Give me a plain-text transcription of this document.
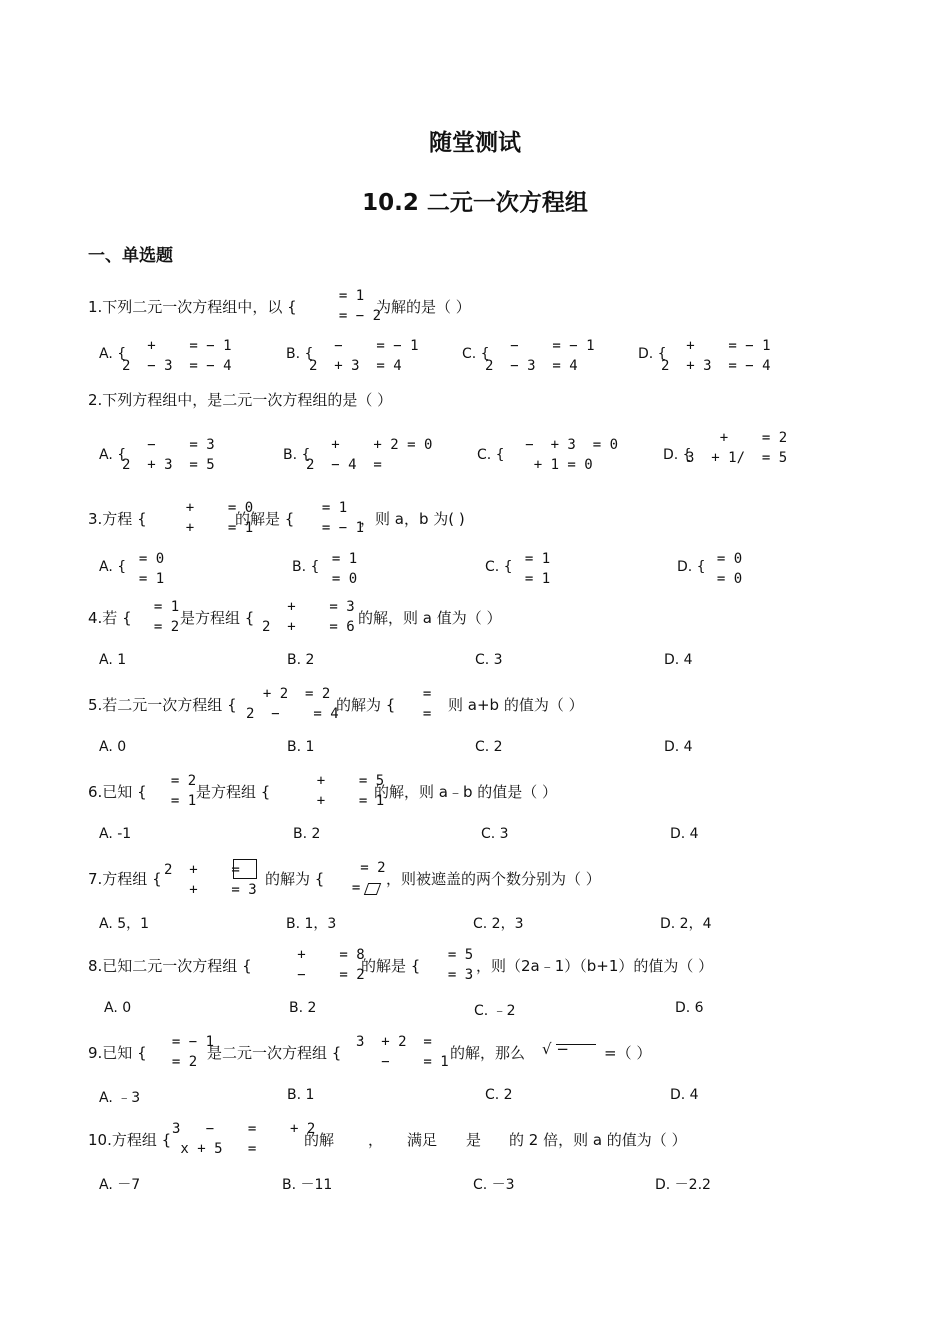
随堂测试
10.2 二元一次方程组
一、单选题
1.下列二元一次方程组中，以 {
= 1
= − 2
为解的是（ ）
A. {	+    = − 1
2  − 3  = − 4
B. {	−    = − 1
2  + 3  = 4
C. {	−    = − 1
2  − 3  = 4
D. {	+    = − 1
2  + 3  = − 4
2.下列方程组中，是二元一次方程组的是（ ）
A. {
−    = 3
2  + 3  = 5
B. {
+    + 2 = 0
2  − 4  =
C. {
−  + 3  = 0
+ 1 = 0
D. {
+    = 2
3  + 1/  = 5
3.方程 {
+    = 0
+    = 1
的解是 {
= 1
= − 1
，则 a，b 为( )
A. { = 0
= 1
B. { = 1
= 0
C. { = 1
= 1
D. { = 0
= 0
4.若 {
= 1
= 2 是方程组 {
+    = 3
2  +    = 6 的解，则 a 值为（ ）
A. 1	B. 2	C. 3	D. 4
5.若二元一次方程组 {
+ 2  = 2
2  −    = 4
的解为 {
=
= 则 a+b 的值为（ ）
A. 0	B. 1	C. 2	D. 4
6.已知 {
= 2
= 1 是方程组 {
+    = 5
+    = 1
的解，则 a﹣b 的值是（ ）
A. -1	B. 2	C. 3	D. 4
7.方程组 { 2  +    =
+    = 3
的解为 {
= 2
=	，则被遮盖的两个数分别为（ ）
A. 5，1	B. 1，3	C. 2，3	D. 2，4
8.已知二元一次方程组 {
+    = 8
−    = 2
的解是 {
= 5
= 3 ，则（2a﹣1）（b+1）的值为（ ）
A. 0	B. 2	C. ﹣2	D. 6
9.已知 {
= − 1
= 2 是二元一次方程组 {
3  + 2  =
−    = 1 的解，那么 √ − =（ ）
A. ﹣3	B. 1	C. 2	D. 4
10.方程组 {
3   −    =    + 2
x + 5   =	的解 ， 满足 是 的 2 倍，则 a 的值为（ ）
A. －7	B. －11	C. －3	D. －2.2
